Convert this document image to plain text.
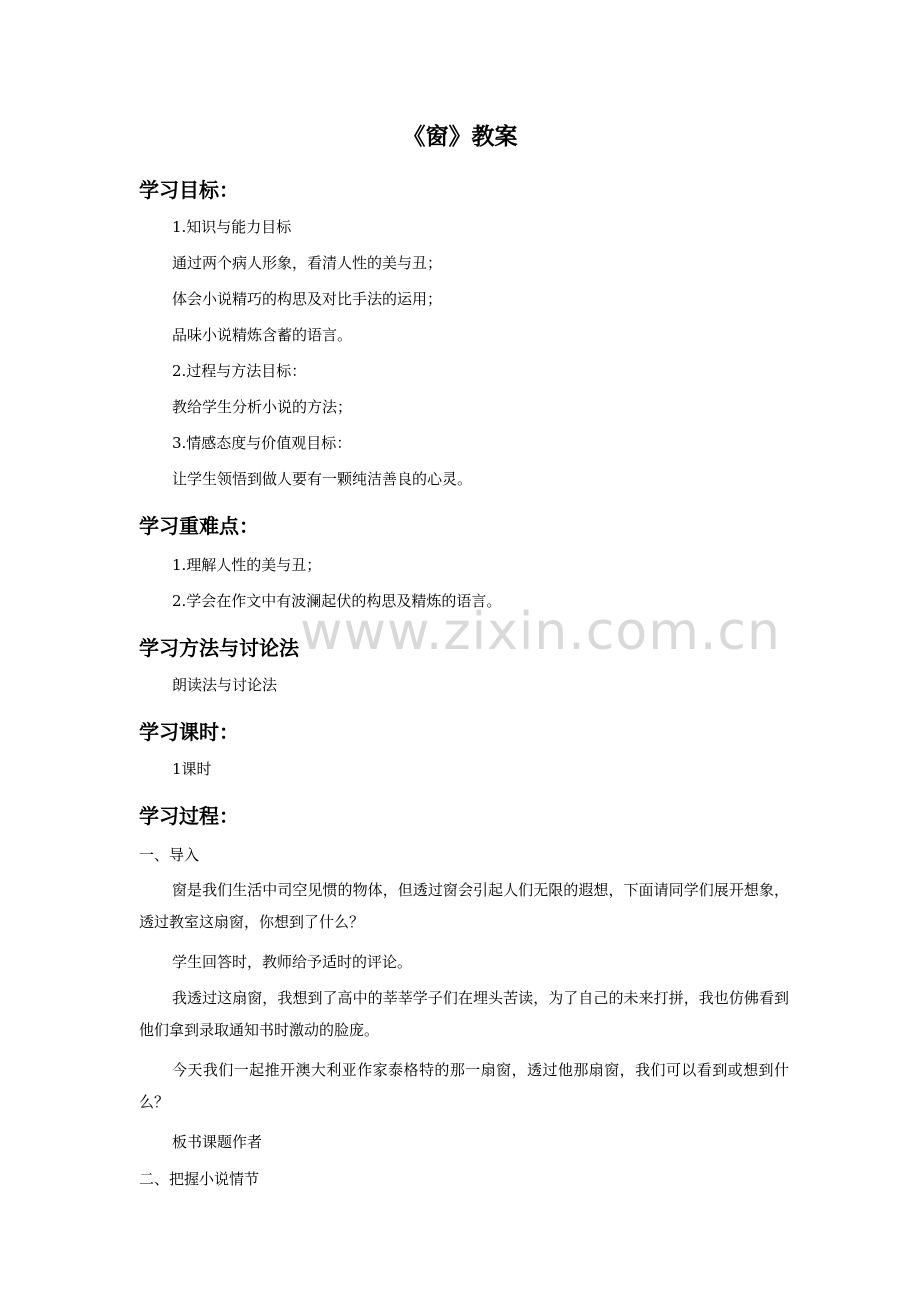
《窗》教案
学习目标：
1.知识与能力目标
通过两个病人形象，看清人性的美与丑；
体会小说精巧的构思及对比手法的运用；
品味小说精炼含蓄的语言。
2.过程与方法目标：
教给学生分析小说的方法；
3.情感态度与价值观目标：
让学生领悟到做人要有一颗纯洁善良的心灵。
学习重难点：
1.理解人性的美与丑；
2.学会在作文中有波澜起伏的构思及精炼的语言。
www.zixin.com.cn
学习方法与讨论法
朗读法与讨论法
学习课时：
1课时
学习过程：
一、导入
窗是我们生活中司空见惯的物体，但透过窗会引起人们无限的遐想，下面请同学们展开想象，透过教室这扇窗，你想到了什么？
学生回答时，教师给予适时的评论。
我透过这扇窗，我想到了高中的莘莘学子们在埋头苦读，为了自己的未来打拼，我也仿佛看到他们拿到录取通知书时激动的脸庞。
今天我们一起推开澳大利亚作家泰格特的那一扇窗，透过他那扇窗，我们可以看到或想到什么？
板书课题作者
二、把握小说情节
